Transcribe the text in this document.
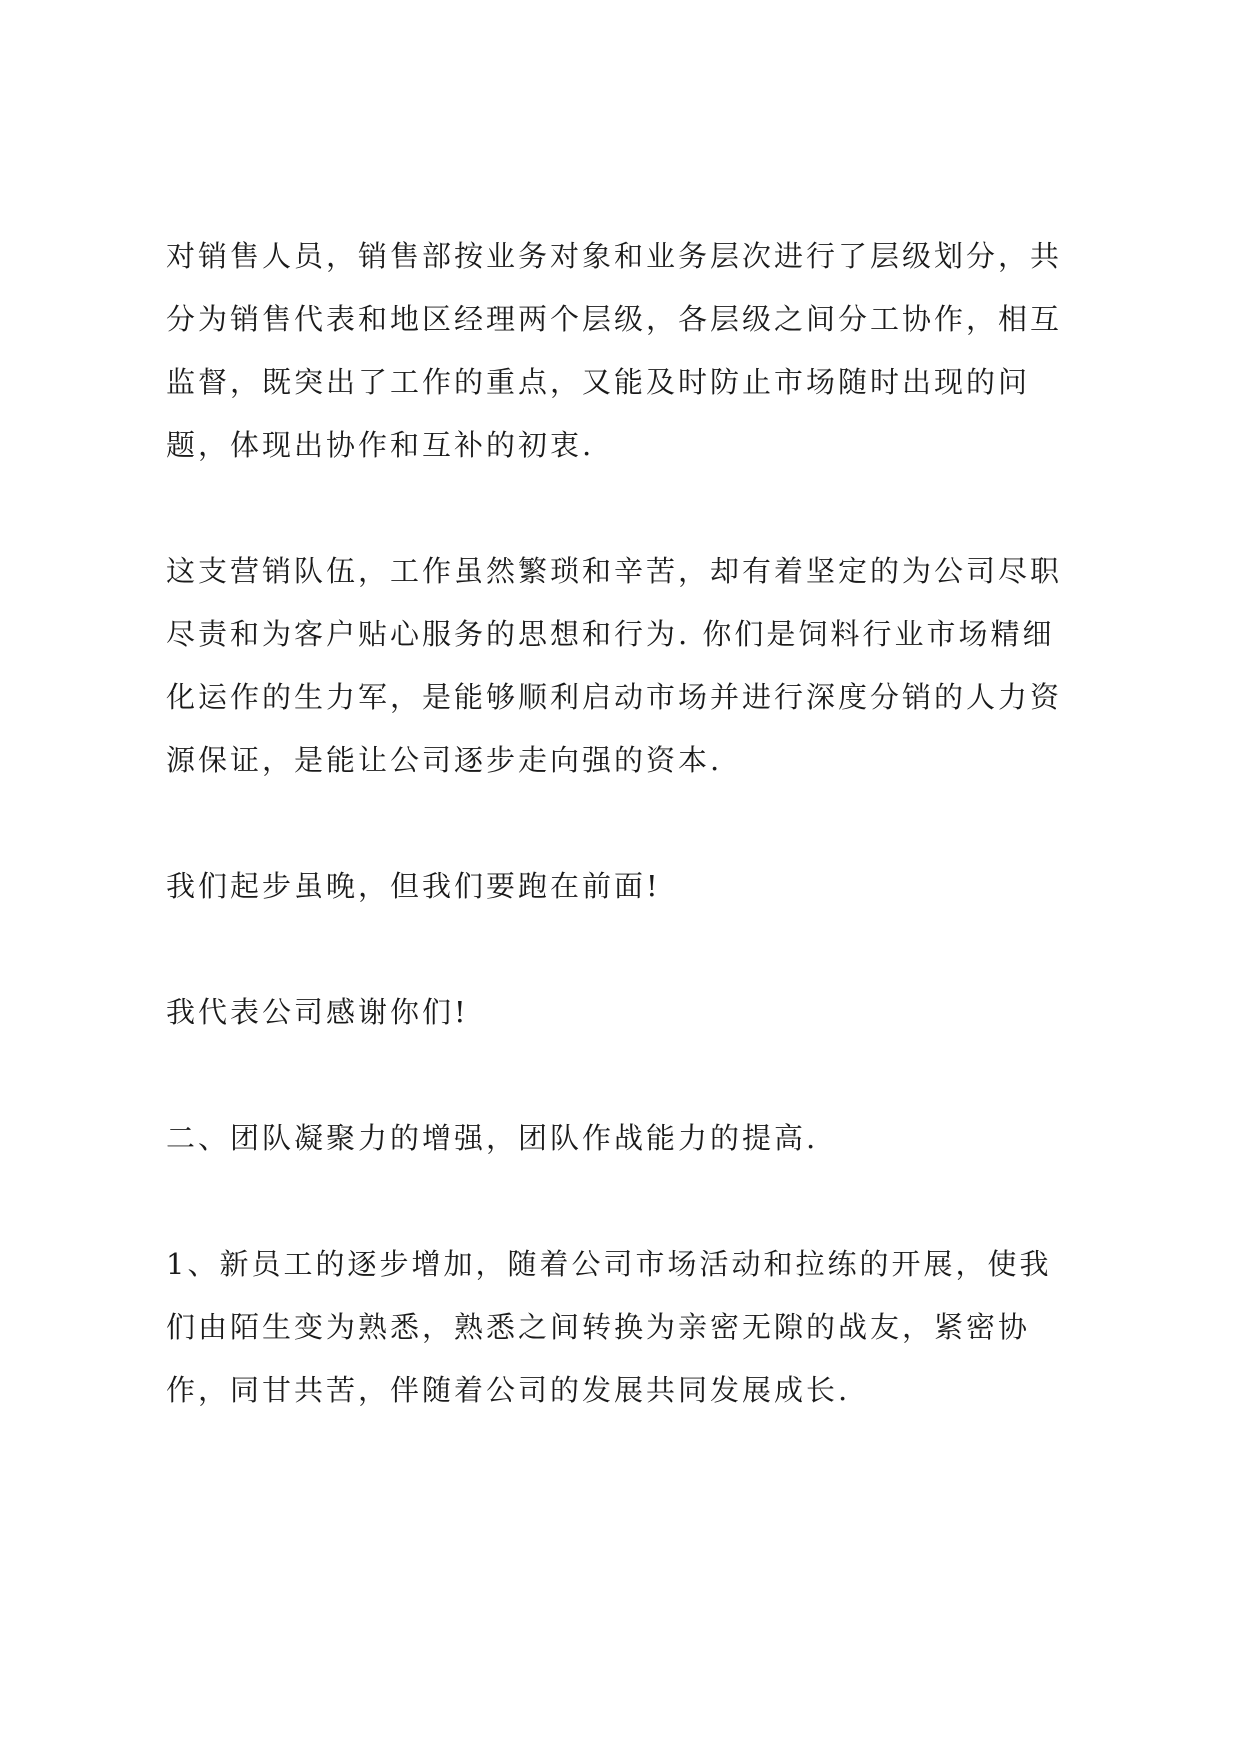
对销售人员，销售部按业务对象和业务层次进行了层级划分，共
分为销售代表和地区经理两个层级，各层级之间分工协作，相互
监督，既突出了工作的重点，又能及时防止市场随时出现的问
题，体现出协作和互补的初衷.

这支营销队伍，工作虽然繁琐和辛苦，却有着坚定的为公司尽职
尽责和为客户贴心服务的思想和行为. 你们是饲料行业市场精细
化运作的生力军，是能够顺利启动市场并进行深度分销的人力资
源保证，是能让公司逐步走向强的资本.

我们起步虽晚，但我们要跑在前面!

我代表公司感谢你们!

二、团队凝聚力的增强，团队作战能力的提高.

1、新员工的逐步增加，随着公司市场活动和拉练的开展，使我
们由陌生变为熟悉，熟悉之间转换为亲密无隙的战友，紧密协
作，同甘共苦，伴随着公司的发展共同发展成长.
